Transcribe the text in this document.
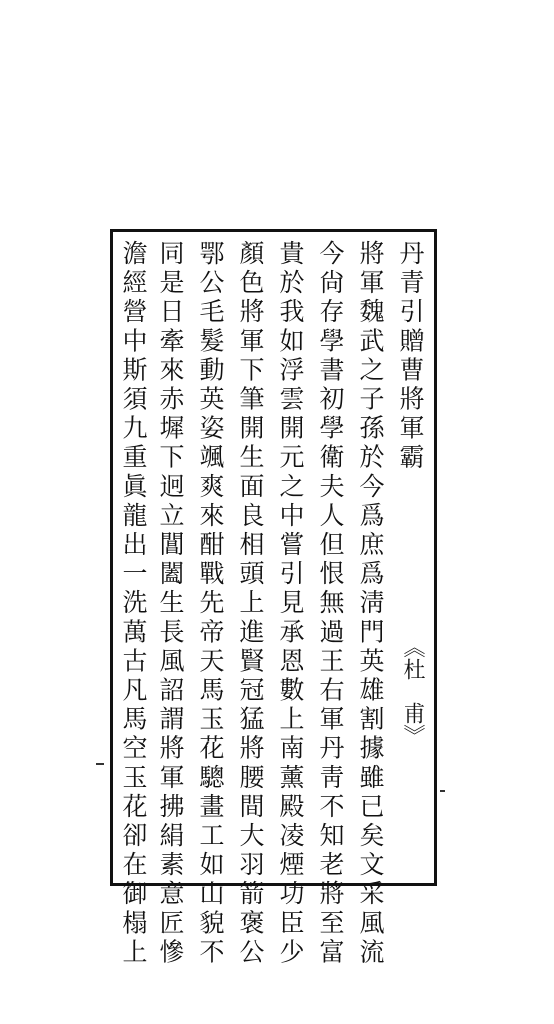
丹青引贈曹將軍霸
《杜　甫》
將軍魏武之子孫於今爲庶爲淸門英雄割據雖已矣文采風流
今尙存學書初學衛夫人但恨無過王右軍丹靑不知老將至富
貴於我如浮雲開元之中嘗引見承恩數上南薰殿凌煙功臣少
顏色將軍下筆開生面良相頭上進賢冠猛將腰間大羽箭褒公
鄂公毛髮動英姿颯爽來酣戰先帝天馬玉花驄畫工如山貌不
同是日牽來赤墀下迥立閶闔生長風詔謂將軍拂絹素意匠慘
澹經營中斯須九重眞龍出一洗萬古凡馬空玉花卻在御榻上
